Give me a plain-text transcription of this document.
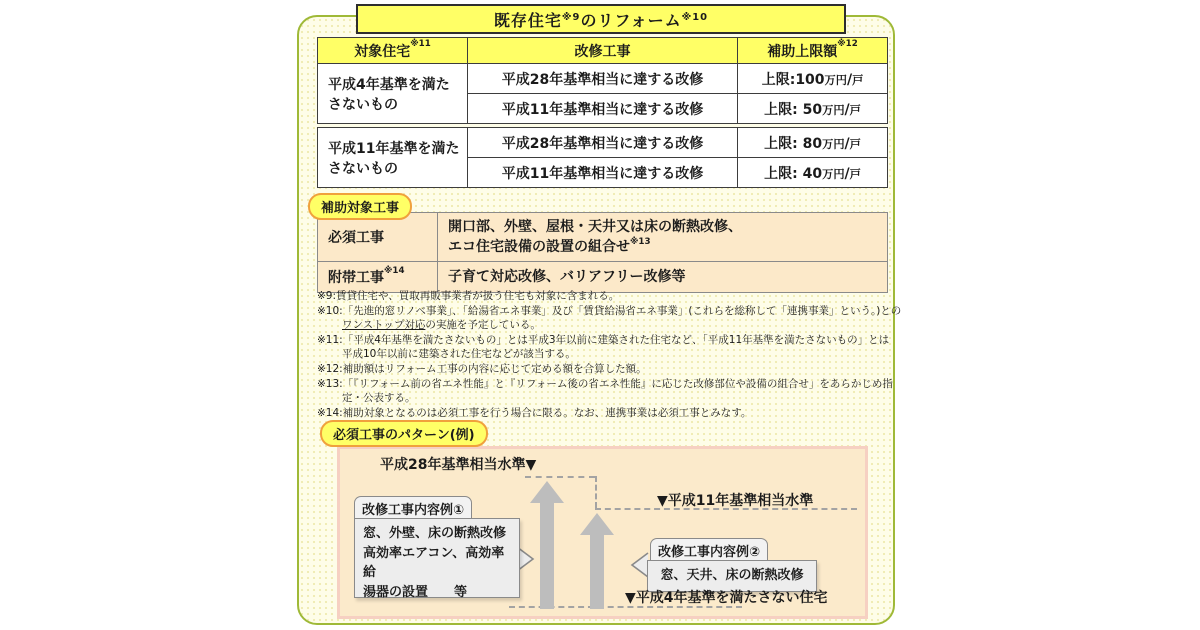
既存住宅 ※9 のリフォーム ※10
対象住宅$^{※11}$	改修工事	補助上限額$^{※12}$
平成4年基準を満たさないもの	平成28年基準相当に達する改修	上限:100万円/戸
	平成11年基準相当に達する改修	上限: 50万円/戸
平成11年基準を満たさないもの	平成28年基準相当に達する改修	上限: 80万円/戸
	平成11年基準相当に達する改修	上限: 40万円/戸
補助対象工事
必須工事	開口部、外壁、屋根・天井又は床の断熱改修、
エコ住宅設備の設置の組合せ$^{※13}$

附帯工事$^{※14}$	子育て対応改修、バリアフリー改修等
※9:賃貸住宅や、買取再販事業者が扱う住宅も対象に含まれる。
※10:「先進的窓リノベ事業」、「給湯省エネ事業」及び「賃貸給湯省エネ事業」(これらを総称して「連携事業」という。)との
ワンストップ対応の実施を予定している。
※11:「平成4年基準を満たさないもの」とは平成3年以前に建築された住宅など、「平成11年基準を満たさないもの」とは
平成10年以前に建築された住宅などが該当する。
※12:補助額はリフォーム工事の内容に応じて定める額を合算した額。
※13:「『リフォーム前の省エネ性能』と『リフォーム後の省エネ性能』に応じた改修部位や設備の組合せ」をあらかじめ指
定・公表する。
※14:補助対象となるのは必須工事を行う場合に限る。なお、連携事業は必須工事とみなす。
必須工事のパターン(例)
平成28年基準相当水準▼
▼平成11年基準相当水準
改修工事内容例①
窓、外壁、床の断熱改修
高効率エアコン、高効率給
湯器の設置　　等
改修工事内容例②
窓、天井、床の断熱改修
▼平成4年基準を満たさない住宅
